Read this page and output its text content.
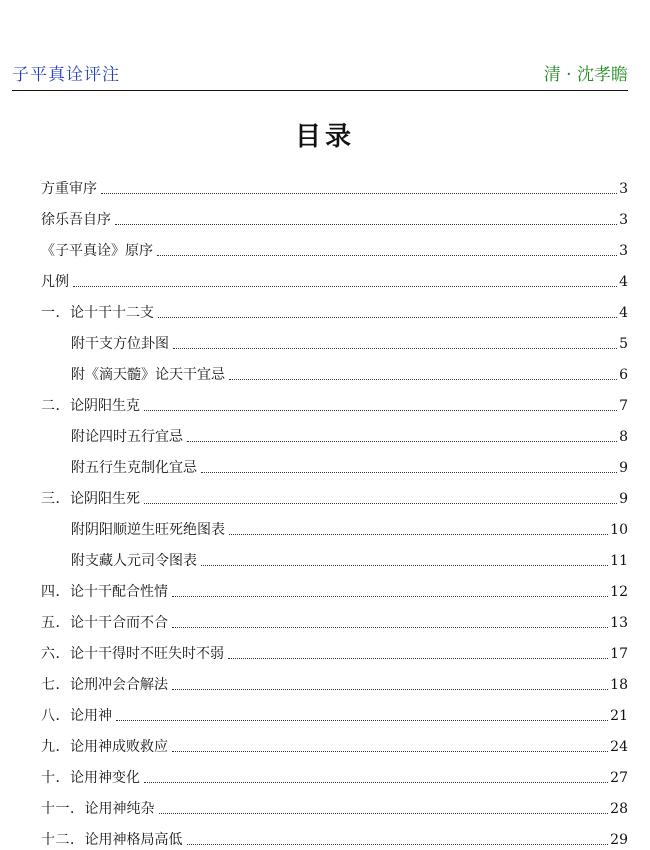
子平真诠评注	清 · 沈孝瞻
目录
方重审序	3
徐乐吾自序	3
《子平真诠》原序	3
凡例	4
一． 论十干十二支	4
附干支方位卦图	5
附《滴天髓》论天干宜忌	6
二． 论阴阳生克	7
附论四时五行宜忌	8
附五行生克制化宜忌	9
三． 论阴阳生死	9
附阴阳顺逆生旺死绝图表	10
附支藏人元司令图表	11
四． 论十干配合性情	12
五． 论十干合而不合	13
六． 论十干得时不旺失时不弱	17
七． 论刑冲会合解法	18
八． 论用神	21
九． 论用神成败救应	24
十． 论用神变化	27
十一． 论用神纯杂	28
十二． 论用神格局高低	29
